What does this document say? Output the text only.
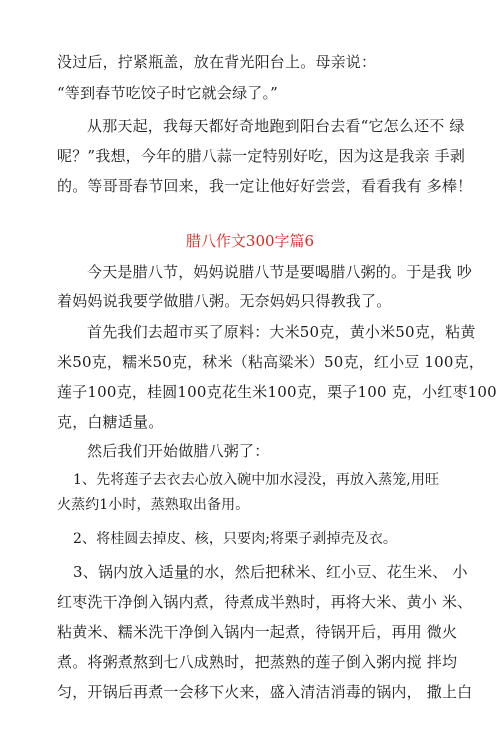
没过后，拧紧瓶盖，放在背光阳台上。母亲说：
“等到春节吃饺子时它就会绿了。”
从那天起，我每天都好奇地跑到阳台去看“它怎么还不 绿
呢？”我想，今年的腊八蒜一定特别好吃，因为这是我亲 手剥
的。等哥哥春节回来，我一定让他好好尝尝，看看我有 多棒！
腊八作文300字篇6
今天是腊八节，妈妈说腊八节是要喝腊八粥的。于是我 吵
着妈妈说我要学做腊八粥。无奈妈妈只得教我了。
首先我们去超市买了原料：大米50克，黄小米50克，粘黄
米50克，糯米50克，秫米（粘高粱米）50克，红小豆 100克，
莲子100克，桂圆100克花生米100克，栗子100 克，小红枣100
克，白糖适量。
然后我们开始做腊八粥了：
1、先将莲子去衣去心放入碗中加水浸没，再放入蒸笼,用旺
火蒸约1小时，蒸熟取出备用。
2、将桂圆去掉皮、核，只要肉;将栗子剥掉壳及衣。
3、锅内放入适量的水，然后把秫米、红小豆、花生米、 小
红枣洗干净倒入锅内煮，待煮成半熟时，再将大米、黄小 米、
粘黄米、糯米洗干净倒入锅内一起煮，待锅开后，再用 微火
煮。将粥煮熬到七八成熟时，把蒸熟的莲子倒入粥内搅 拌均
匀，开锅后再煮一会移下火来，盛入清洁消毒的锅内， 撒上白
